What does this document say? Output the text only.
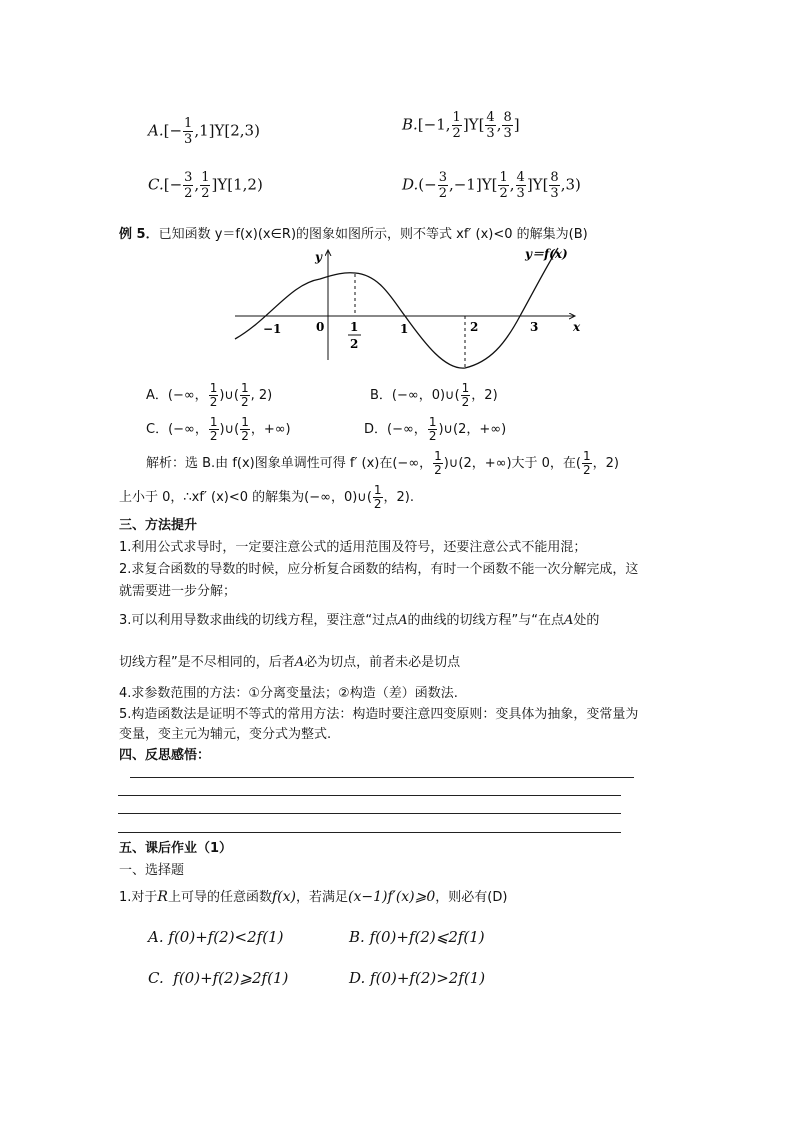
$A.[- \frac{1}{3} ,1]Y[2,3)$	B.[−1, $\frac{1}{2} ]Y[ \frac{4}{3}$ , $\frac{8}{3}$ ]
$C.[- \frac{3}{2}$ , $\frac{1}{2} ]Y[1,2)$	$D.(- \frac{3}{2} ,-1]Y[ \frac{1}{2}$ , $\frac{4}{3} ]Y[ \frac{8}{3} ,3)$
例 5．已知函数 y＝f(x)(x∈R)的图象如图所示，则不等式 xf′ (x)<0 的解集为(B)
y
x
y＝f(x)
−1	0 1
2
1	2	3
A．(−∞， $\frac{1}{2}$ )∪( $\frac{1}{2}$ , 2)	B．(−∞，0)∪( $\frac{1}{2}$ ，2)
C．(−∞， $\frac{1}{2}$ )∪( $\frac{1}{2}$ ，+∞)	D．(−∞， $\frac{1}{2}$ )∪(2，+∞)
解析：选 B.由 f(x)图象单调性可得 f′ (x)在(−∞， $\frac{1}{2}$ )∪(2，+∞)大于 0，在( $\frac{1}{2}$ ，2)
上小于 0，∴xf′ (x)<0 的解集为(−∞，0)∪( $\frac{1}{2}$ ，2).
三、方法提升
1.利用公式求导时，一定要注意公式的适用范围及符号，还要注意公式不能用混；
2.求复合函数的导数的时候，应分析复合函数的结构，有时一个函数不能一次分解完成，这
就需要进一步分解；
3.可以利用导数求曲线的切线方程，要注意“过点A的曲线的切线方程”与“在点A处的
切线方程”是不尽相同的，后者A必为切点，前者未必是切点
4.求参数范围的方法：①分离变量法；②构造（差）函数法.
5.构造函数法是证明不等式的常用方法：构造时要注意四变原则：变具体为抽象，变常量为
变量，变主元为辅元，变分式为整式.
四、反思感悟：
五、课后作业（1）
一、选择题
1.对于R上可导的任意函数f(x)，若满足(x−1)f′(x)⩾0，则必有(D)
A. f(0)+f(2)<2f(1)	B. f(0)+f(2)⩽2f(1)
C. f(0)+f(2)⩾2f(1)	D. f(0)+f(2)>2f(1)
